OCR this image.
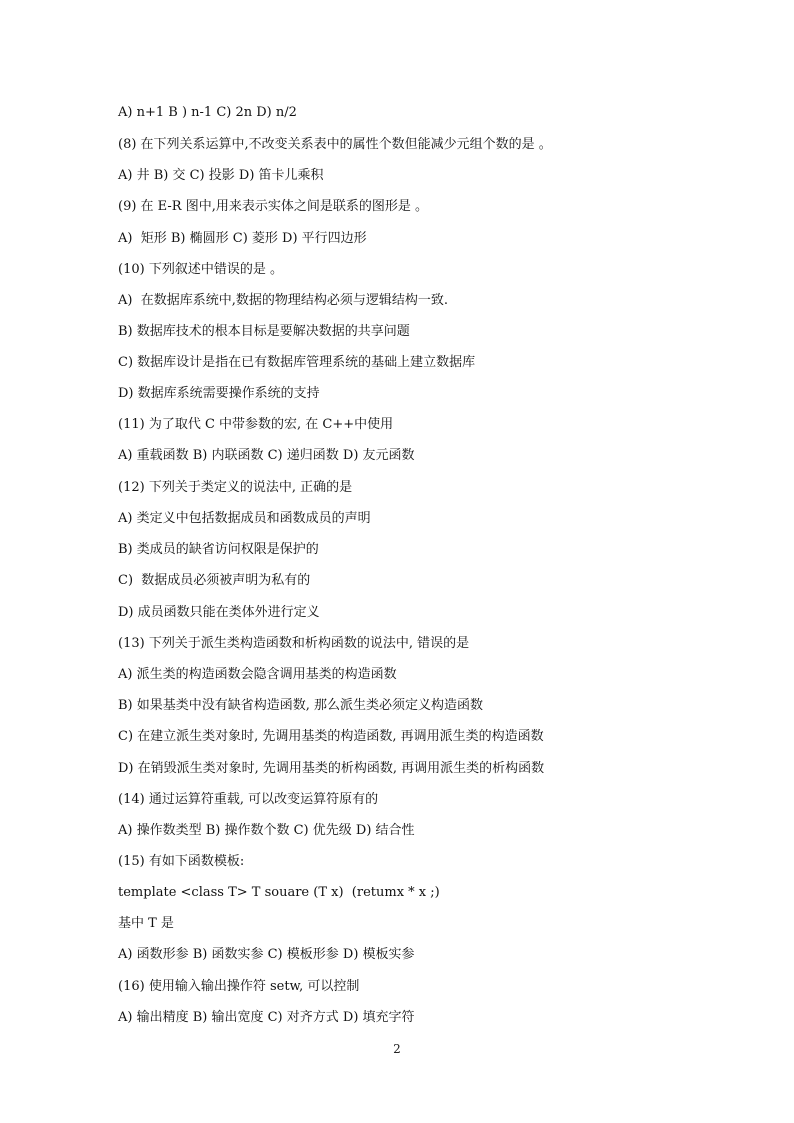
A) n+1 B ) n-1 C) 2n D) n/2
(8) 在下列关系运算中,不改变关系表中的属性个数但能减少元组个数的是 。
A) 井 B) 交 C) 投影 D) 笛卡儿乘积
(9) 在 E-R 图中,用来表示实体之间是联系的图形是 。
A)  矩形 B) 椭圆形 C) 菱形 D) 平行四边形
(10) 下列叙述中错误的是 。
A)  在数据库系统中,数据的物理结构必须与逻辑结构一致.
B) 数据库技术的根本目标是要解决数据的共享问题
C) 数据库设计是指在已有数据库管理系统的基础上建立数据库
D) 数据库系统需要操作系统的支持
(11) 为了取代 C 中带参数的宏, 在 C++中使用
A) 重载函数 B) 内联函数 C) 递归函数 D) 友元函数
(12) 下列关于类定义的说法中, 正确的是
A) 类定义中包括数据成员和函数成员的声明
B) 类成员的缺省访问权限是保护的
C)  数据成员必须被声明为私有的
D) 成员函数只能在类体外进行定义
(13) 下列关于派生类构造函数和析构函数的说法中, 错误的是
A) 派生类的构造函数会隐含调用基类的构造函数
B) 如果基类中没有缺省构造函数, 那么派生类必须定义构造函数
C) 在建立派生类对象时, 先调用基类的构造函数, 再调用派生类的构造函数
D) 在销毁派生类对象时, 先调用基类的析构函数, 再调用派生类的析构函数
(14) 通过运算符重载, 可以改变运算符原有的
A) 操作数类型 B) 操作数个数 C) 优先级 D) 结合性
(15) 有如下函数模板:
template <class T> T souare (T x)  (retumx * x ;)
基中 T 是
A) 函数形参 B) 函数实参 C) 模板形参 D) 模板实参
(16) 使用输入输出操作符 setw, 可以控制
A) 输出精度 B) 输出宽度 C) 对齐方式 D) 填充字符
2
